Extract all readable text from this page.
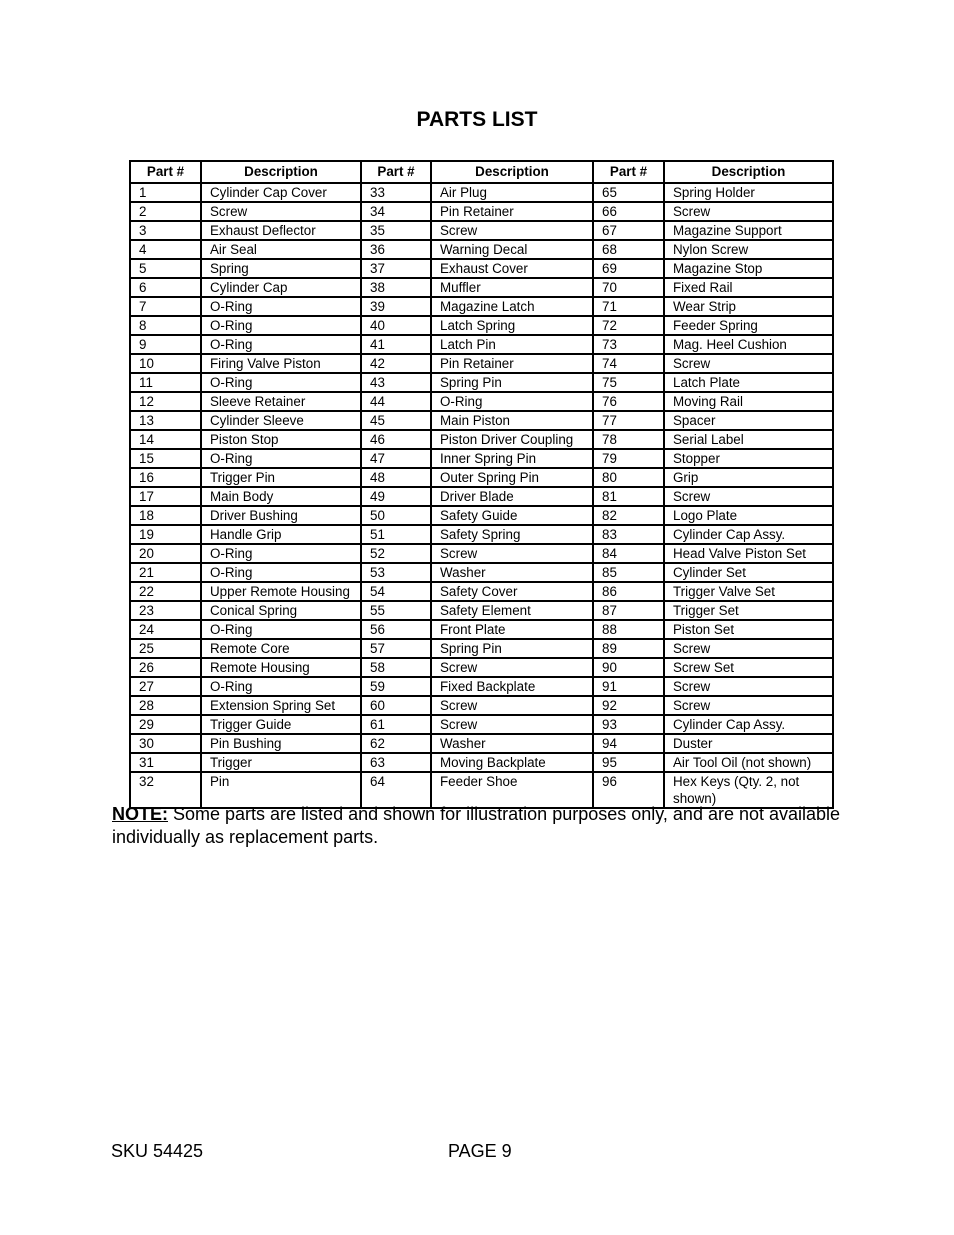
PARTS LIST
Part #	Description	Part #	Description	Part #	Description
1	Cylinder Cap Cover	33	Air Plug	65	Spring Holder
2	Screw	34	Pin Retainer	66	Screw
3	Exhaust Deflector	35	Screw	67	Magazine Support
4	Air Seal	36	Warning Decal	68	Nylon Screw
5	Spring	37	Exhaust Cover	69	Magazine Stop
6	Cylinder Cap	38	Muffler	70	Fixed Rail
7	O-Ring	39	Magazine Latch	71	Wear Strip
8	O-Ring	40	Latch Spring	72	Feeder Spring
9	O-Ring	41	Latch Pin	73	Mag. Heel Cushion
10	Firing Valve Piston	42	Pin Retainer	74	Screw
11	O-Ring	43	Spring Pin	75	Latch Plate
12	Sleeve Retainer	44	O-Ring	76	Moving Rail
13	Cylinder Sleeve	45	Main Piston	77	Spacer
14	Piston Stop	46	Piston Driver Coupling	78	Serial Label
15	O-Ring	47	Inner Spring Pin	79	Stopper
16	Trigger Pin	48	Outer Spring Pin	80	Grip
17	Main Body	49	Driver Blade	81	Screw
18	Driver Bushing	50	Safety Guide	82	Logo Plate
19	Handle Grip	51	Safety Spring	83	Cylinder Cap Assy.
20	O-Ring	52	Screw	84	Head Valve Piston Set
21	O-Ring	53	Washer	85	Cylinder Set
22	Upper Remote Housing	54	Safety Cover	86	Trigger Valve Set
23	Conical Spring	55	Safety Element	87	Trigger Set
24	O-Ring	56	Front Plate	88	Piston Set
25	Remote Core	57	Spring Pin	89	Screw
26	Remote Housing	58	Screw	90	Screw Set
27	O-Ring	59	Fixed Backplate	91	Screw
28	Extension Spring Set	60	Screw	92	Screw
29	Trigger Guide	61	Screw	93	Cylinder Cap Assy.
30	Pin Bushing	62	Washer	94	Duster
31	Trigger	63	Moving Backplate	95	Air Tool Oil (not shown)
32	Pin	64	Feeder Shoe	96	Hex Keys (Qty. 2, not shown)
NOTE: Some parts are listed and shown for illustration purposes only, and are not available individually as replacement parts.
SKU 54425	PAGE 9
